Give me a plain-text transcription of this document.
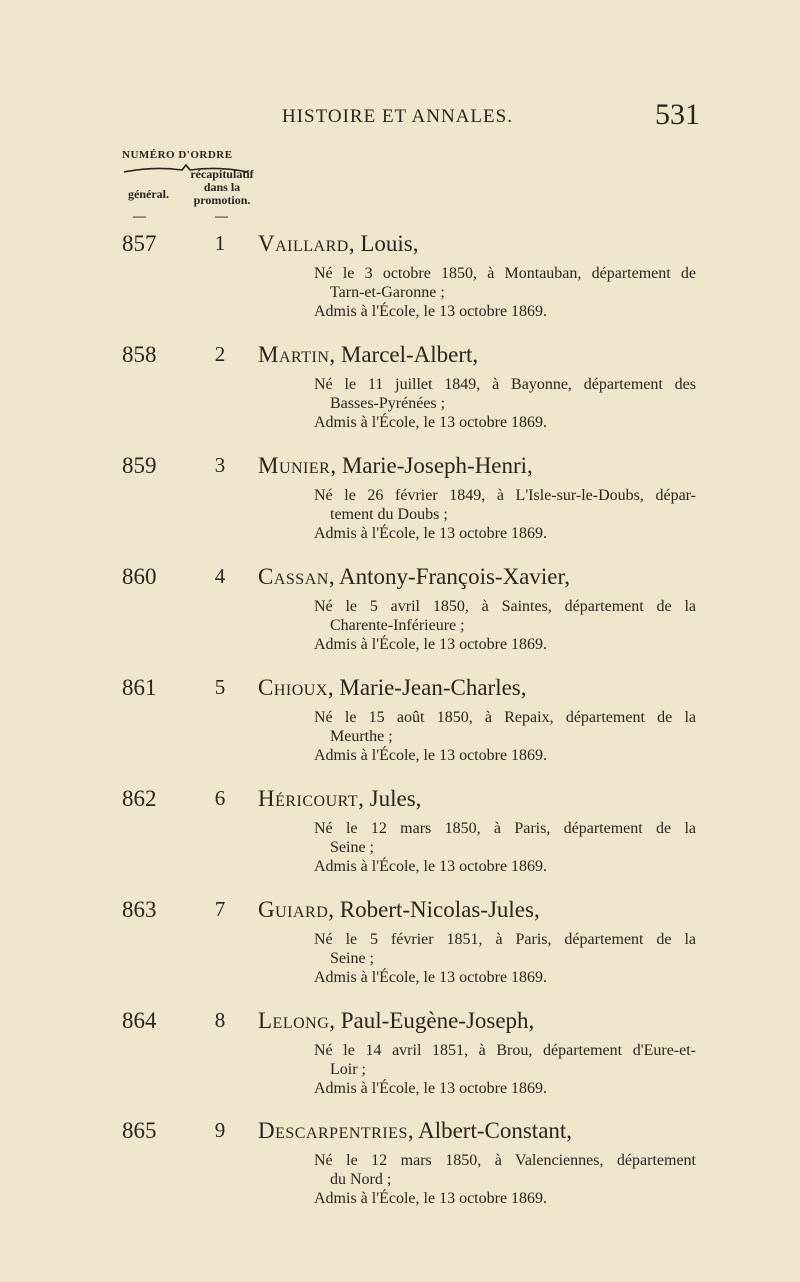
HISTOIRE ET ANNALES.	531
NUMÉRO D'ORDRE
général.
récapitulatif
dans la
promotion.
—	—
857	1 Vaillard, Louis,
Né le 3 octobre 1850, à Montauban, département de
Tarn-et-Garonne ;
Admis à l'École, le 13 octobre 1869.
858	2 Martin, Marcel-Albert,
Né le 11 juillet 1849, à Bayonne, département des
Basses-Pyrénées ;
Admis à l'École, le 13 octobre 1869.
859	3 Munier, Marie-Joseph-Henri,
Né le 26 février 1849, à L'Isle-sur-le-Doubs, dépar-
tement du Doubs ;
Admis à l'École, le 13 octobre 1869.
860	4 Cassan, Antony-François-Xavier,
Né le 5 avril 1850, à Saintes, département de la
Charente-Inférieure ;
Admis à l'École, le 13 octobre 1869.
861	5 Chioux, Marie-Jean-Charles,
Né le 15 août 1850, à Repaix, département de la
Meurthe ;
Admis à l'École, le 13 octobre 1869.
862	6 Héricourt, Jules,
Né le 12 mars 1850, à Paris, département de la
Seine ;
Admis à l'École, le 13 octobre 1869.
863	7 Guiard, Robert-Nicolas-Jules,
Né le 5 février 1851, à Paris, département de la
Seine ;
Admis à l'École, le 13 octobre 1869.
864	8 Lelong, Paul-Eugène-Joseph,
Né le 14 avril 1851, à Brou, département d'Eure-et-
Loir ;
Admis à l'École, le 13 octobre 1869.
865	9 Descarpentries, Albert-Constant,
Né le 12 mars 1850, à Valenciennes, département
du Nord ;
Admis à l'École, le 13 octobre 1869.
